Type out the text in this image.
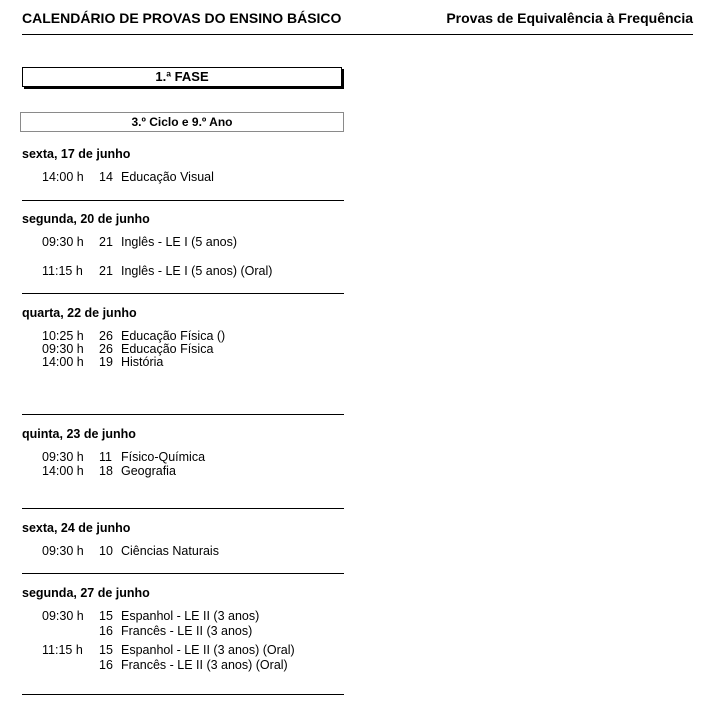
CALENDÁRIO DE PROVAS DO ENSINO BÁSICO	Provas de Equivalência à Frequência
1.ª FASE
3.º Ciclo e 9.º Ano
sexta, 17 de junho
14:00 h	14 Educação Visual
segunda, 20 de junho
09:30 h	21 Inglês - LE I (5 anos)
11:15 h	21 Inglês - LE I (5 anos) (Oral)
quarta, 22 de junho
10:25 h	26 Educação Física ()
09:30 h	26 Educação Física
14:00 h	19 História
quinta, 23 de junho
09:30 h	11 Físico-Química
14:00 h	18 Geografia
sexta, 24 de junho
09:30 h	10 Ciências Naturais
segunda, 27 de junho
09:30 h	15 Espanhol - LE II (3 anos)
16 Francês - LE II (3 anos)
11:15 h	15 Espanhol - LE II (3 anos) (Oral)
16 Francês - LE II (3 anos) (Oral)
